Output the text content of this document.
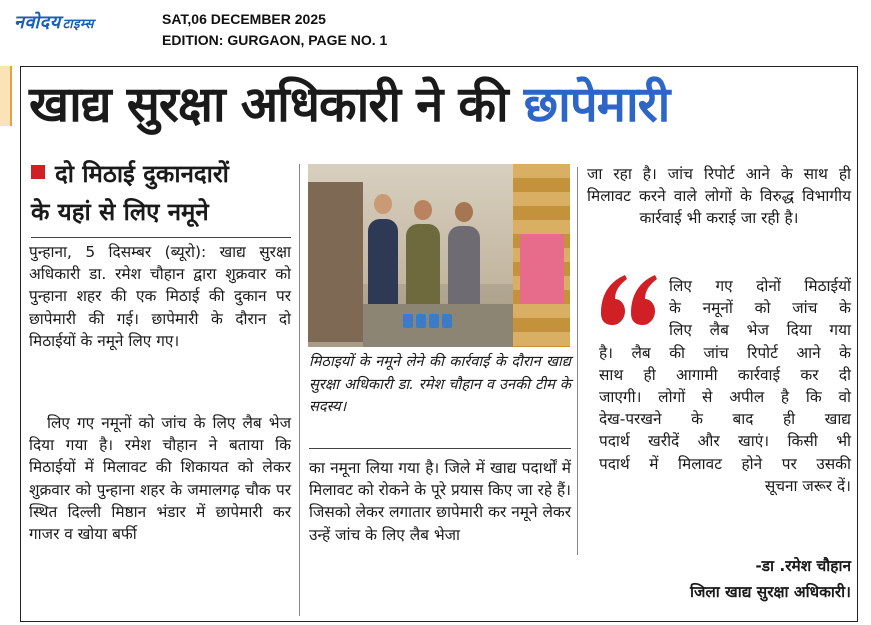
नवोदय टाइम्स	SAT,06 DECEMBER 2025
EDITION: GURGAON, PAGE NO. 1
खाद्य सुरक्षा अधिकारी ने की छापेमारी
दो मिठाई दुकानदारों
के यहां से लिए नमूने
पुन्हाना, 5 दिसम्बर (ब्यूरो): खाद्य सुरक्षा अधिकारी डा. रमेश चौहान द्वारा शुक्रवार को पुन्हाना शहर की एक मिठाई की दुकान पर छापेमारी की गई। छापेमारी के दौरान दो मिठाईयों के नमूने लिए गए।
लिए गए नमूनों को जांच के लिए लैब भेज दिया गया है। रमेश चौहान ने बताया कि मिठाईयों में मिलावट की शिकायत को लेकर शुक्रवार को पुन्हाना शहर के जमालगढ़ चौक पर स्थित दिल्ली मिष्ठान भंडार में छापेमारी कर गाजर व खोया बर्फी
मिठाइयों के नमूने लेने की कार्रवाई के दौरान खाद्य सुरक्षा अधिकारी डा. रमेश चौहान व उनकी टीम के सदस्य।
का नमूना लिया गया है। जिले में खाद्य पदार्थों में मिलावट को रोकने के पूरे प्रयास किए जा रहे हैं। जिसको लेकर लगातार छापेमारी कर नमूने लेकर उन्हें जांच के लिए लैब भेजा
जा रहा है। जांच रिपोर्ट आने के साथ ही मिलावट करने वाले लोगों के विरुद्ध विभागीय कार्रवाई भी कराई जा रही है।
लिए गए दोनों मिठाईयों
के नमूनों को जांच के
लिए लैब भेज दिया गया
है। लैब की जांच रिपोर्ट आने के
साथ ही आगामी कार्रवाई कर दी
जाएगी। लोगों से अपील है कि वो
देख-परखने के बाद ही खाद्य
पदार्थ खरीदें और खाएं। किसी भी
पदार्थ में मिलावट होने पर उसकी
सूचना जरूर दें।
-डा .रमेश चौहान
जिला खाद्य सुरक्षा अधिकारी।
